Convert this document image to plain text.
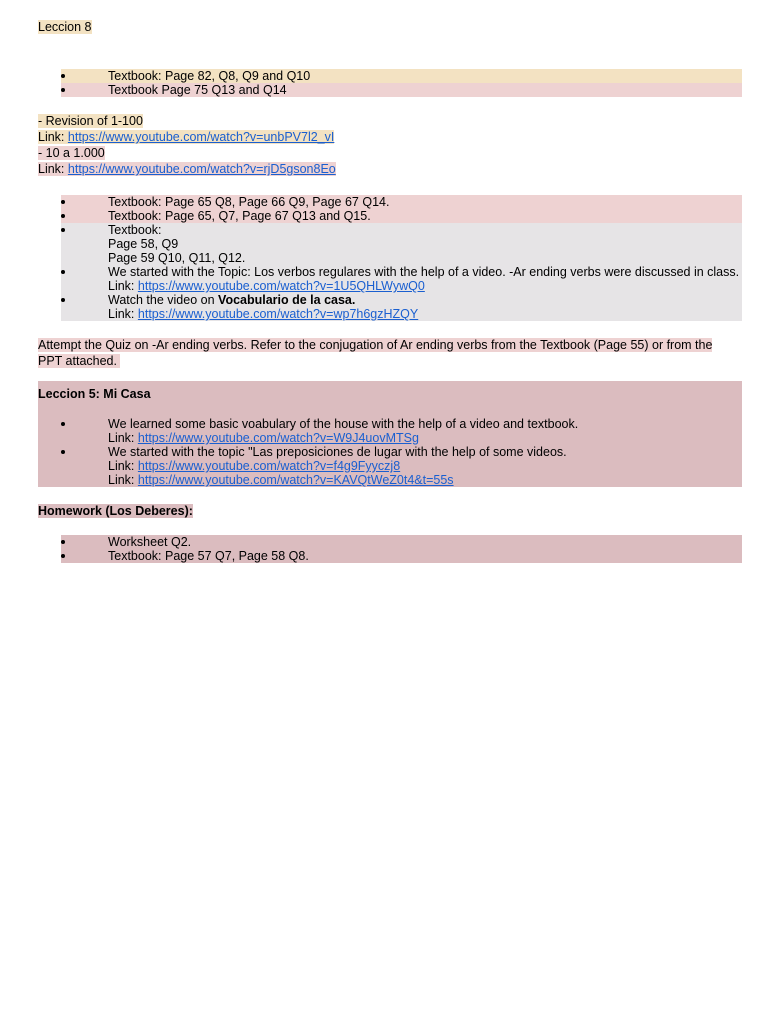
Leccion 8
Textbook: Page 82, Q8, Q9 and Q10
Textbook Page 75 Q13 and Q14
- Revision of 1-100
Link: https://www.youtube.com/watch?v=unbPV7l2_vI
- 10 a 1.000
Link: https://www.youtube.com/watch?v=rjD5gson8Eo
Textbook: Page 65 Q8, Page 66 Q9, Page 67 Q14.
Textbook: Page 65, Q7, Page 67 Q13 and Q15.
Textbook:
Page 58, Q9
Page 59 Q10, Q11, Q12.
We started with the Topic: Los verbos regulares with the help of a video. -Ar ending verbs were discussed in class.
Link: https://www.youtube.com/watch?v=1U5QHLWywQ0
Watch the video on Vocabulario de la casa.
Link: https://www.youtube.com/watch?v=wp7h6gzHZQY
Attempt the Quiz on -Ar ending verbs. Refer to the conjugation of Ar ending verbs from the Textbook (Page 55) or from the
PPT attached.
Leccion 5: Mi Casa
We learned some basic voabulary of the house with the help of a video and textbook.
Link: https://www.youtube.com/watch?v=W9J4uovMTSg
We started with the topic "Las preposiciones de lugar with the help of some videos.
Link: https://www.youtube.com/watch?v=f4g9Fyyczj8
Link: https://www.youtube.com/watch?v=KAVQtWeZ0t4&t=55s
Homework (Los Deberes):
Worksheet Q2.
Textbook: Page 57 Q7, Page 58 Q8.
